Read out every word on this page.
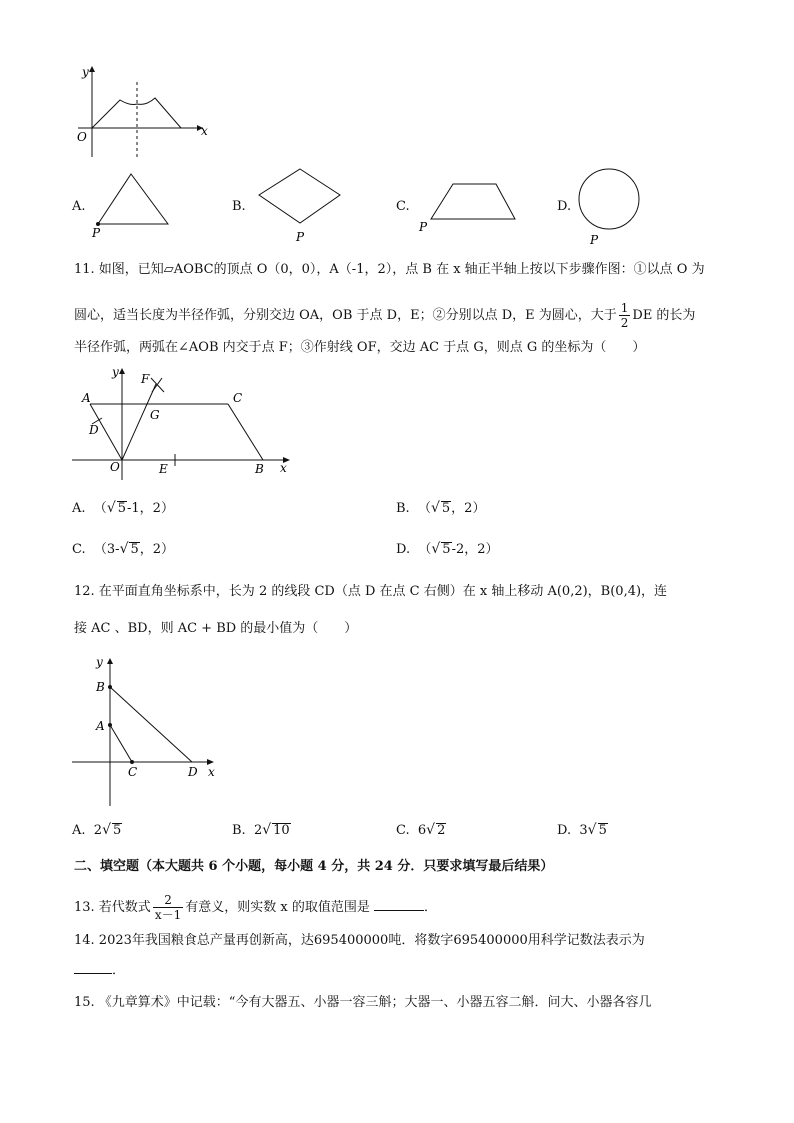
y
x
O
A.
P
B.
P
C.
P
D.
P
11. 如图，已知▱AOBC的顶点 O（0，0），A（-1，2），点 B 在 x 轴正半轴上按以下步骤作图：①以点 O 为
圆心，适当长度为半径作弧，分别交边 OA，OB 于点 D，E；②分别以点 D，E 为圆心，大于 $\frac{1}{2}$ DE 的长为
半径作弧，两弧在∠AOB 内交于点 F；③作射线 OF，交边 AC 于点 G，则点 G 的坐标为（　　）
y
x
A	C
D
F
G
O	E	B
A. （√ 5-1，2）	B. （√ 5，2）
C. （3-√ 5，2）	D. （√ 5-2，2）
12. 在平面直角坐标系中，长为 2 的线段 CD（点 D 在点 C 右侧）在 x 轴上移动 A(0,2)，B(0,4)，连
接 AC 、BD，则 AC + BD 的最小值为（　　）
y
x
B
A
C	D
A. 2√ 5	B. 2√ 10	C. 6√ 2	D. 3√ 5
二、填空题（本大题共 6 个小题，每小题 4 分，共 24 分．只要求填写最后结果）
13. 若代数式 $\frac{2}{x-1}$ 有意义，则实数 x 的取值范围是	．
14. 2023年我国粮食总产量再创新高，达695400000吨．将数字695400000用科学记数法表示为
．
15. 《九章算术》中记载：“今有大器五、小器一容三斛；大器一、小器五容二斛．问大、小器各容几
